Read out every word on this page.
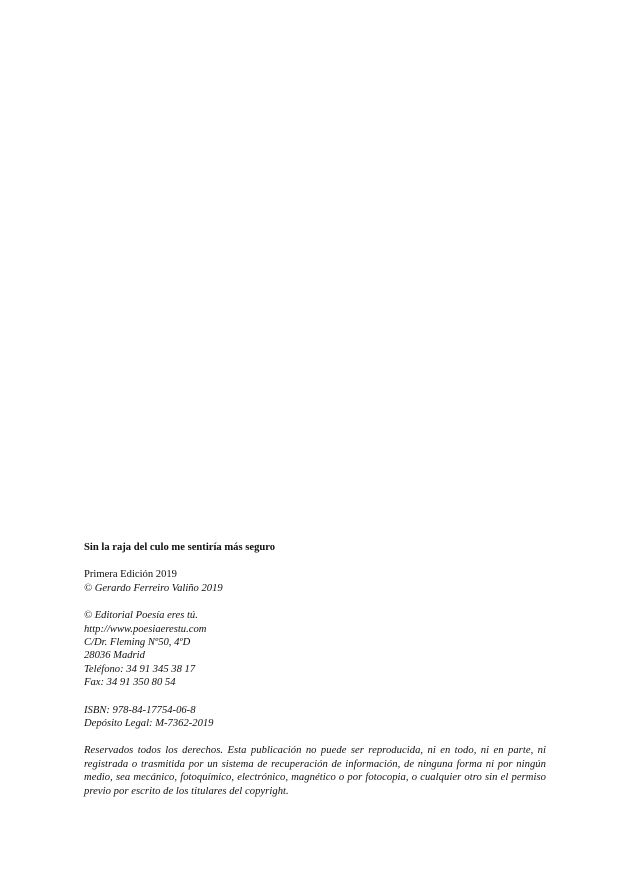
Sin la raja del culo me sentiría más seguro
Primera Edición 2019
© Gerardo Ferreiro Valiño 2019
© Editorial Poesía eres tú.
http://www.poesiaerestu.com
C/Dr. Fleming Nº50, 4ºD
28036 Madrid
Teléfono: 34 91 345 38 17
Fax: 34 91 350 80 54
ISBN: 978-84-17754-06-8
Depósito Legal: M-7362-2019

Reservados todos los derechos. Esta publicación no puede ser reproducida, ni en todo, ni en parte, ni registrada o trasmitida por un sistema de recuperación de información, de ninguna forma ni por ningún medio, sea mecánico, fotoquímico, electrónico, magnético o por fotocopia, o cualquier otro sin el permiso previo por escrito de los titulares del copyright.
